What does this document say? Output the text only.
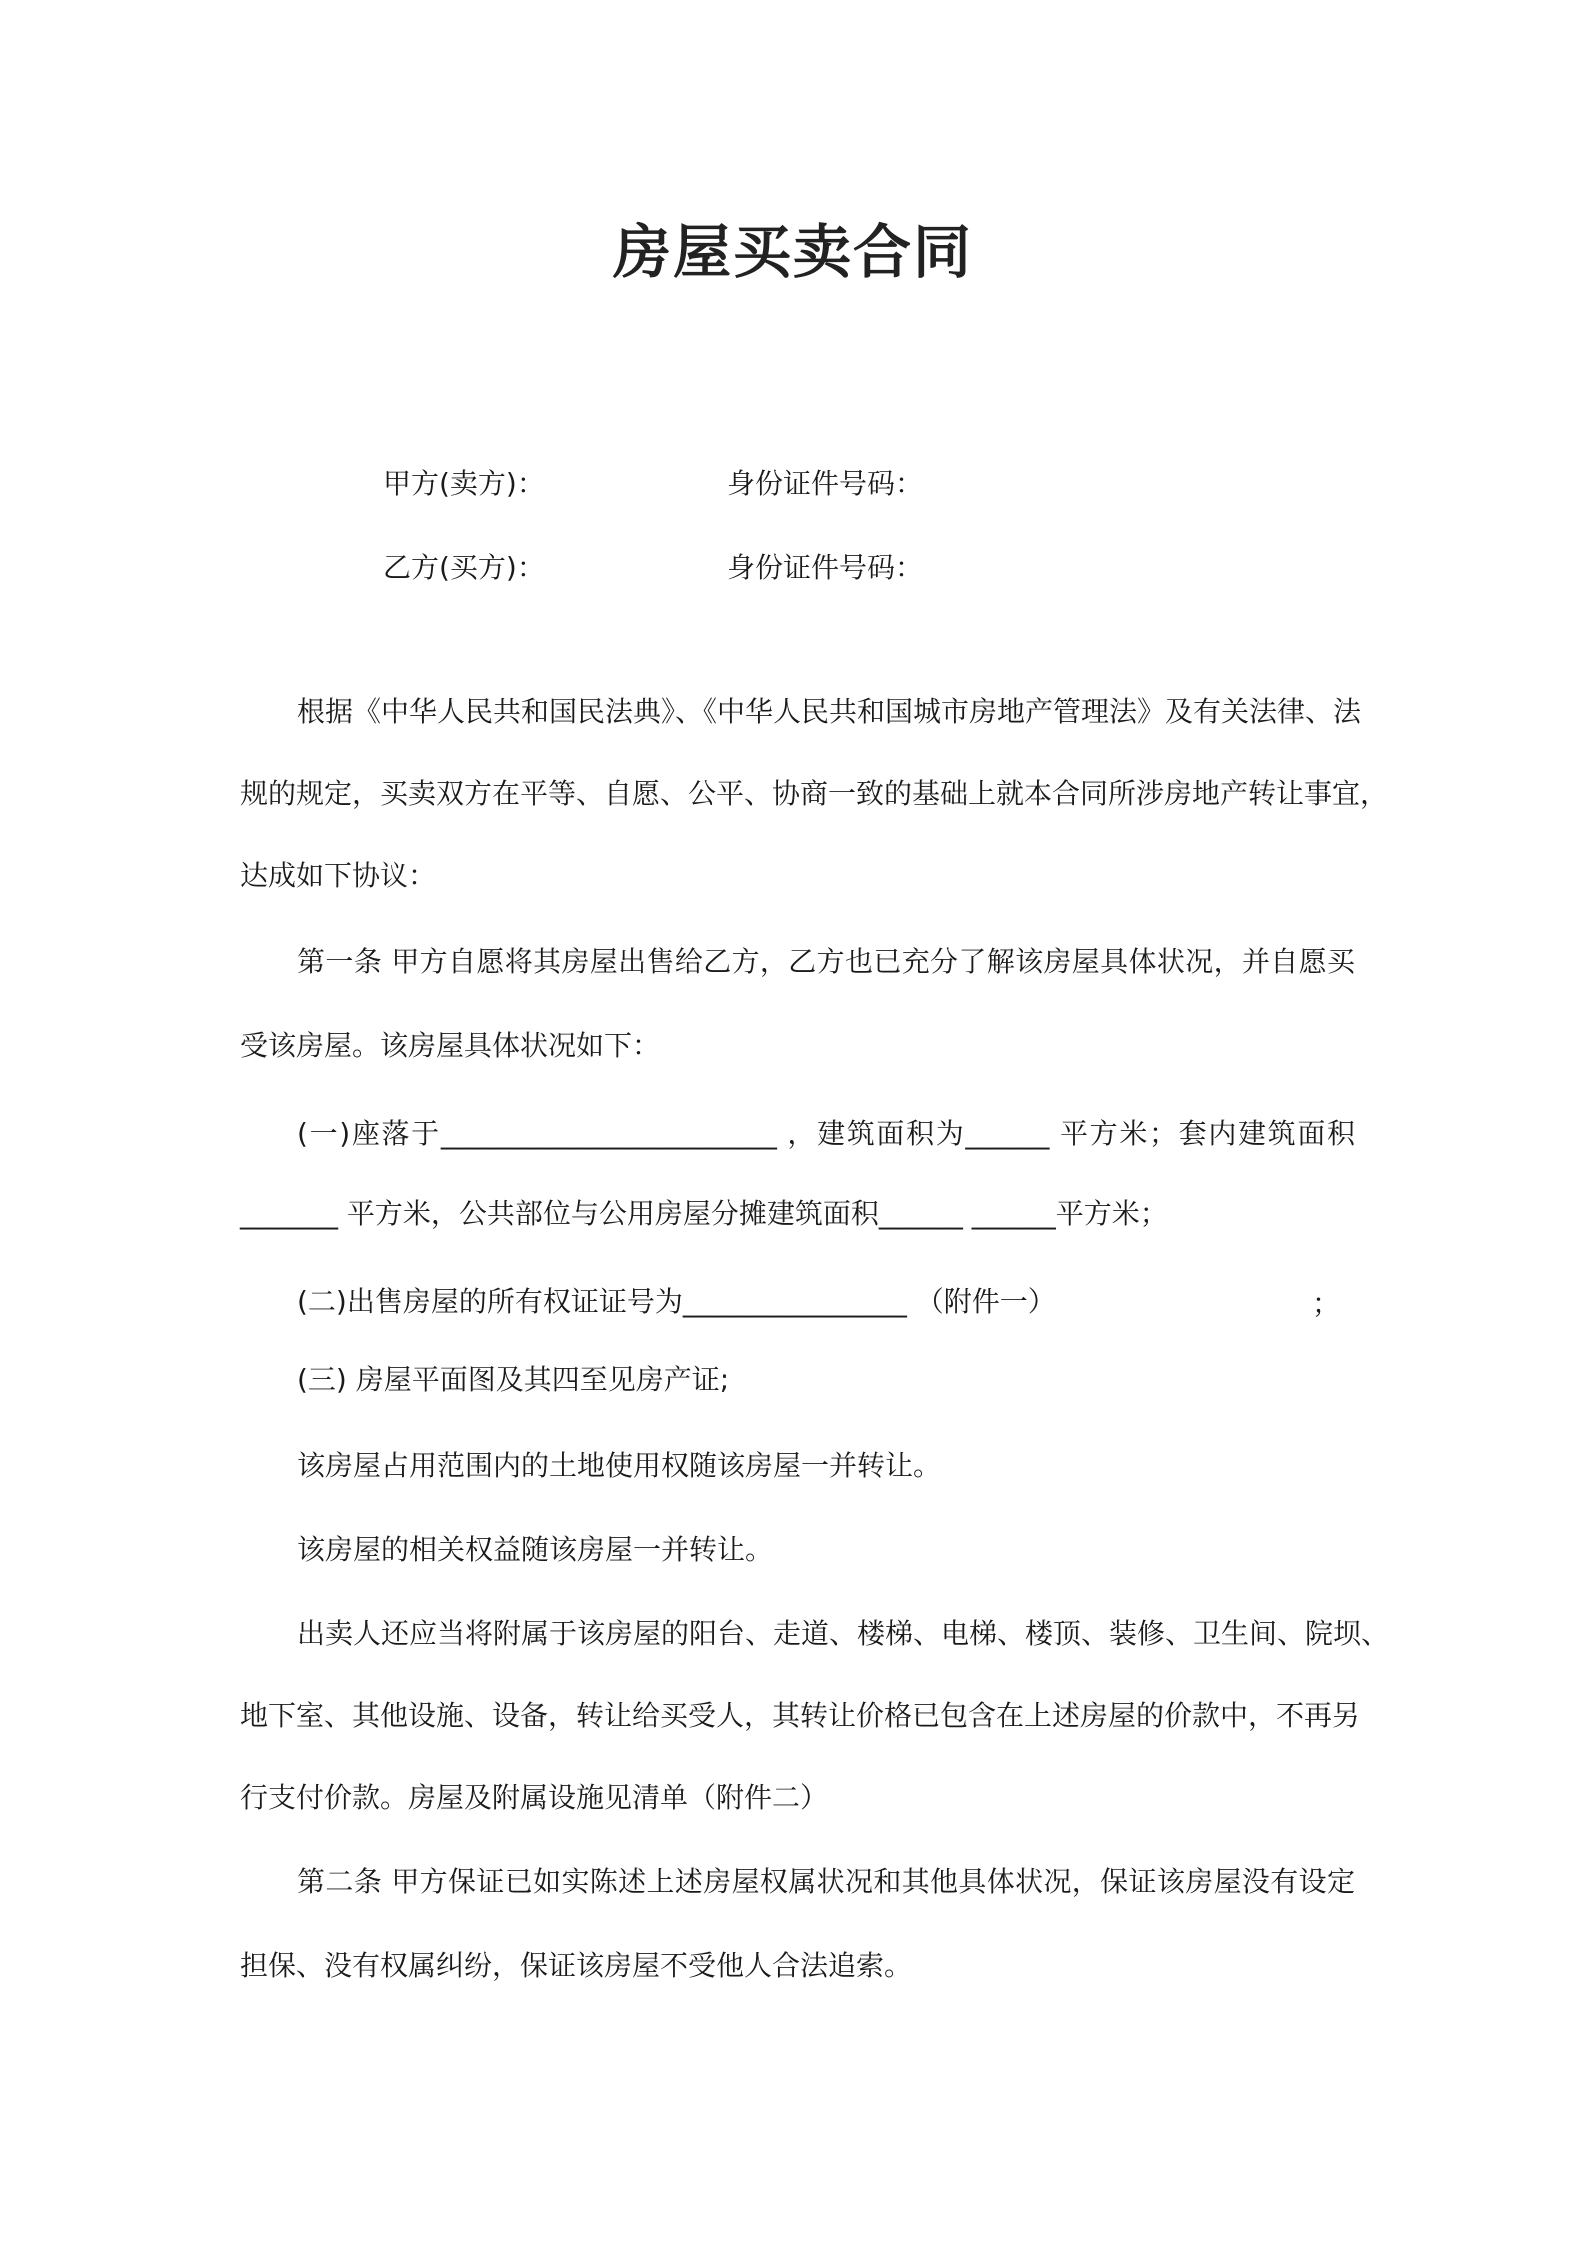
房屋买卖合同
甲方(卖方)：	身份证件号码：
乙方(买方)：	身份证件号码：
根据《中华人民共和国民法典》、《中华人民共和国城市房地产管理法》及有关法律、法
规的规定，买卖双方在平等、自愿、公平、协商一致的基础上就本合同所涉房地产转让事宜，
达成如下协议：
第一条 甲方自愿将其房屋出售给乙方，乙方也已充分了解该房屋具体状况，并自愿买
受该房屋。该房屋具体状况如下：
(一)座落于________________________ ，建筑面积为______ 平方米；套内建筑面积
_______ 平方米，公共部位与公用房屋分摊建筑面积______ ______平方米；
(二)出售房屋的所有权证证号为________________ （附件一）	；
(三) 房屋平面图及其四至见房产证;
该房屋占用范围内的土地使用权随该房屋一并转让。
该房屋的相关权益随该房屋一并转让。
出卖人还应当将附属于该房屋的阳台、走道、楼梯、电梯、楼顶、装修、卫生间、院坝、
地下室、其他设施、设备，转让给买受人，其转让价格已包含在上述房屋的价款中，不再另
行支付价款。房屋及附属设施见清单（附件二）
第二条 甲方保证已如实陈述上述房屋权属状况和其他具体状况，保证该房屋没有设定
担保、没有权属纠纷，保证该房屋不受他人合法追索。
